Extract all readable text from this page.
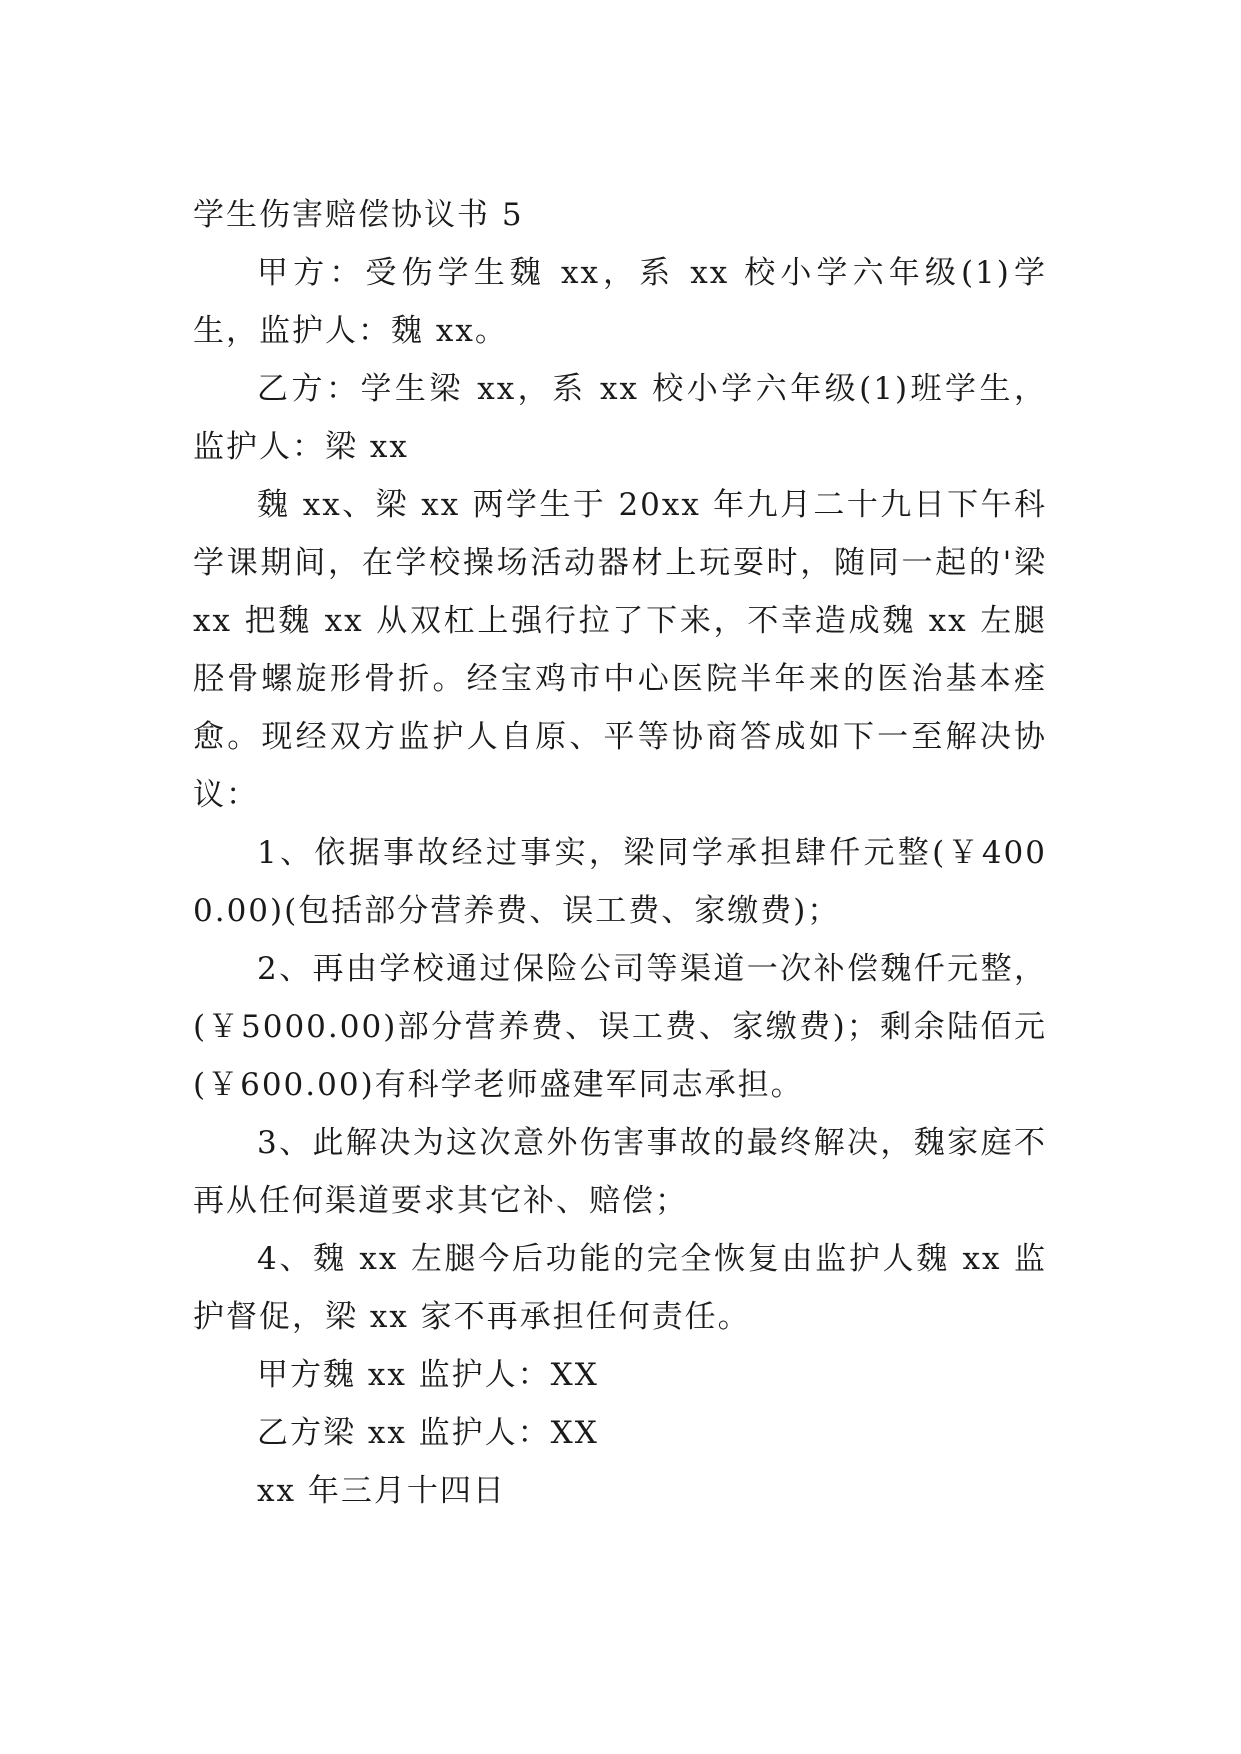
学生伤害赔偿协议书 5

甲方：受伤学生魏 xx，系 xx 校小学六年级(1)学生，监护人：魏 xx。

乙方：学生梁 xx，系 xx 校小学六年级(1)班学生，监护人：梁 xx

魏 xx、梁 xx 两学生于 20xx 年九月二十九日下午科学课期间，在学校操场活动器材上玩耍时，随同一起的'梁 xx 把魏 xx 从双杠上强行拉了下来，不幸造成魏 xx 左腿胫骨螺旋形骨折。经宝鸡市中心医院半年来的医治基本痊愈。现经双方监护人自原、平等协商答成如下一至解决协议：

1、依据事故经过事实，梁同学承担肆仟元整(￥4000.00)(包括部分营养费、误工费、家缴费)；

2、再由学校通过保险公司等渠道一次补偿魏仟元整，(￥5000.00)部分营养费、误工费、家缴费)；剩余陆佰元(￥600.00)有科学老师盛建军同志承担。

3、此解决为这次意外伤害事故的最终解决，魏家庭不再从任何渠道要求其它补、赔偿；

4、魏 xx 左腿今后功能的完全恢复由监护人魏 xx 监护督促，梁 xx 家不再承担任何责任。

甲方魏 xx 监护人：XX

乙方梁 xx 监护人：XX

xx 年三月十四日
